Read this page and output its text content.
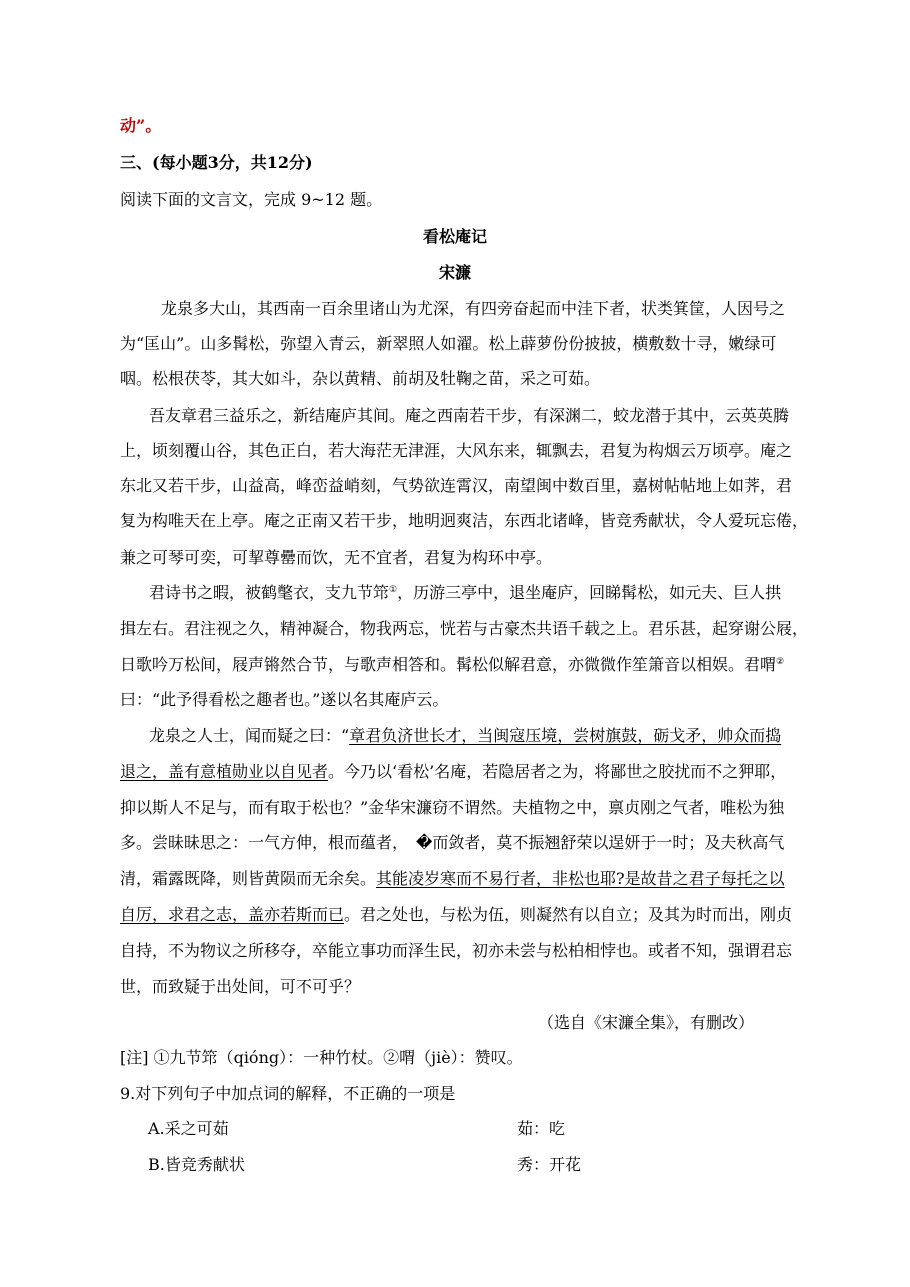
动”。
三、(每小题3分，共12分)
阅读下面的文言文，完成 9~12 题。
看松庵记
宋濂
龙泉多大山，其西南一百余里诸山为尤深，有四旁奋起而中洼下者，状类箕筐，人因号之
为“匡山”。山多髯松，弥望入青云，新翠照人如濯。松上薜萝份份披披，横敷数十寻，嫩绿可
咽。松根茯苓，其大如斗，杂以黄精、前胡及牡鞠之苗，采之可茹。
吾友章君三益乐之，新结庵庐其间。庵之西南若干步，有深渊二，蛟龙潜于其中，云英英腾
上，顷刻覆山谷，其色正白，若大海茫无津涯，大风东来，辄飘去，君复为构烟云万顷亭。庵之
东北又若干步，山益高，峰峦益峭刻，气势欲连霄汉，南望闽中数百里，嘉树帖帖地上如荠，君
复为构唯天在上亭。庵之正南又若干步，地明迥爽洁，东西北诸峰，皆竞秀献状，令人爱玩忘倦，
兼之可琴可奕，可挈尊罍而饮，无不宜者，君复为构环中亭。
君诗书之暇，被鹤氅衣，支九节筇①，历游三亭中，退坐庵庐，回睇髯松，如元夫、巨人拱
揖左右。君注视之久，精神凝合，物我两忘，恍若与古豪杰共语千载之上。君乐甚，起穿谢公屐，
日歌吟万松间，屐声锵然合节，与歌声相答和。髯松似解君意，亦微微作笙箫音以相娱。君喟②
曰：“此予得看松之趣者也。”遂以名其庵庐云。
龙泉之人士，闻而疑之曰：“章君负济世长才，当闽寇压境，尝树旗鼓，砺戈矛，帅众而捣
退之，盖有意植勋业以自见者。今乃以‘看松’名庵，若隐居者之为，将鄙世之胶扰而不之狎耶，
抑以斯人不足与，而有取于松也？”金华宋濂窃不谓然。夫植物之中，禀贞刚之气者，唯松为独
多。尝昧昧思之：一气方伸，根而蕴者，　�而敛者，莫不振翘舒荣以逞妍于一时；及夫秋高气
清，霜露既降，则皆黄陨而无余矣。其能凌岁寒而不易行者，非松也耶?是故昔之君子每托之以
自厉，求君之志，盖亦若斯而已。君之处也，与松为伍，则凝然有以自立；及其为时而出，刚贞
自持，不为物议之所移夺，卒能立事功而泽生民，初亦未尝与松柏相悖也。或者不知，强谓君忘
世，而致疑于出处间，可不可乎？
（选自《宋濂全集》，有删改）
[注] ①九节筇（qióng）：一种竹杖。②喟（jiè）：赞叹。
9.对下列句子中加点词的解释，不正确的一项是
A.采之可茹	茹：吃
B.皆竞秀献状	秀：开花
